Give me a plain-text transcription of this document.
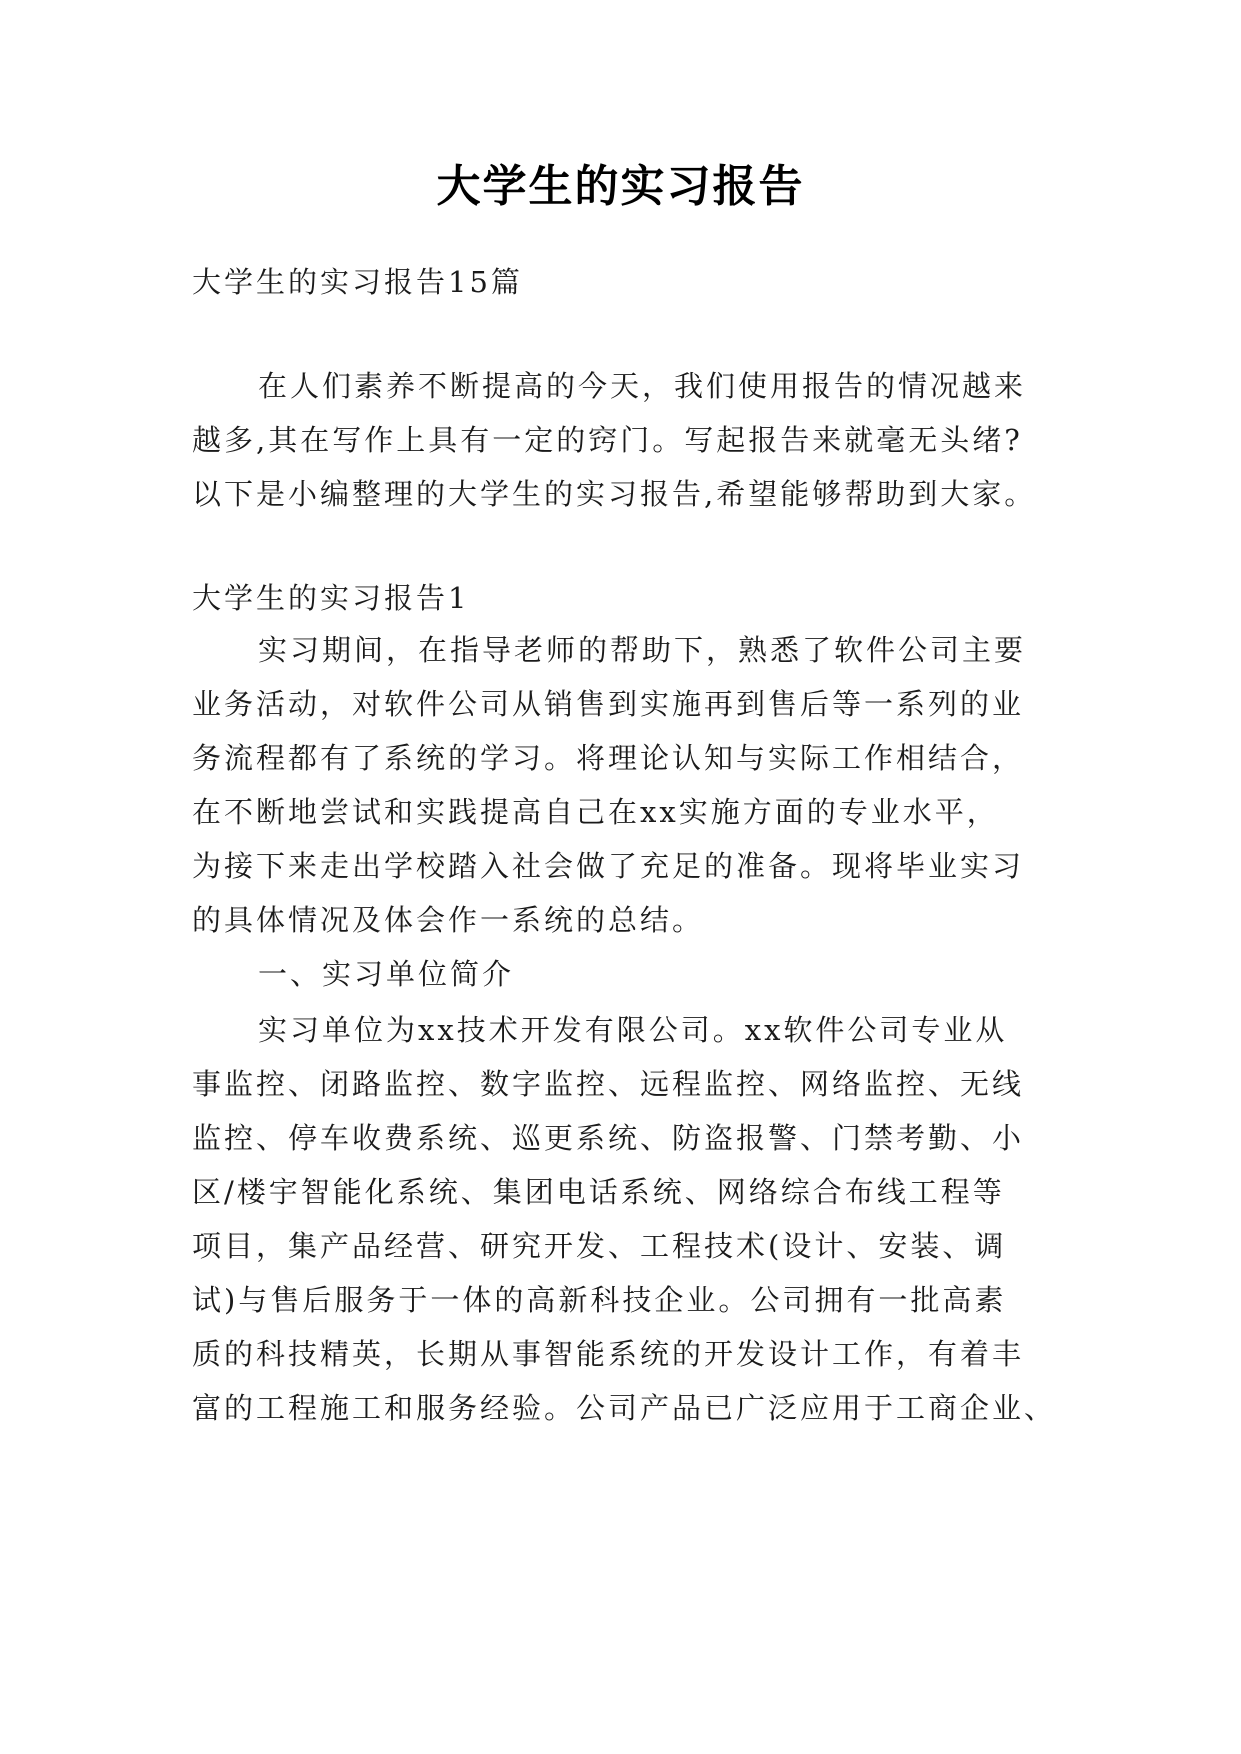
大学生的实习报告
大学生的实习报告15篇
在人们素养不断提高的今天，我们使用报告的情况越来
越多,其在写作上具有一定的窍门。写起报告来就毫无头绪?
以下是小编整理的大学生的实习报告,希望能够帮助到大家。
大学生的实习报告1
实习期间，在指导老师的帮助下，熟悉了软件公司主要
业务活动，对软件公司从销售到实施再到售后等一系列的业
务流程都有了系统的学习。将理论认知与实际工作相结合，
在不断地尝试和实践提高自己在xx实施方面的专业水平，
为接下来走出学校踏入社会做了充足的准备。现将毕业实习
的具体情况及体会作一系统的总结。
一、实习单位简介
实习单位为xx技术开发有限公司。xx软件公司专业从
事监控、闭路监控、数字监控、远程监控、网络监控、无线
监控、停车收费系统、巡更系统、防盗报警、门禁考勤、小
区/楼宇智能化系统、集团电话系统、网络综合布线工程等
项目，集产品经营、研究开发、工程技术(设计、安装、调
试)与售后服务于一体的高新科技企业。公司拥有一批高素
质的科技精英，长期从事智能系统的开发设计工作，有着丰
富的工程施工和服务经验。公司产品已广泛应用于工商企业、
